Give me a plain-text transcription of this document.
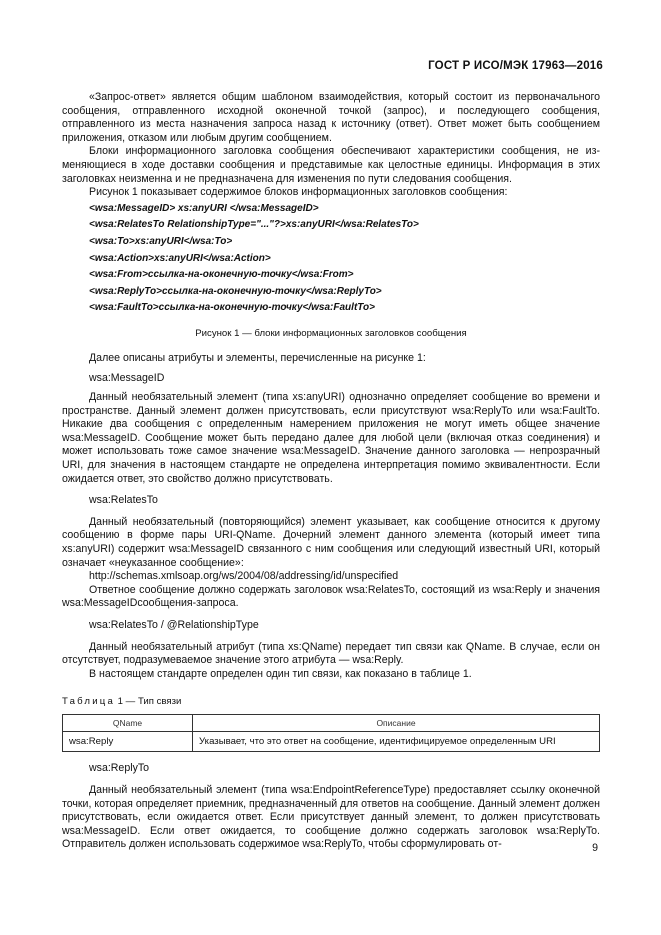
ГОСТ Р ИСО/МЭК 17963—2016

«Запрос-ответ» является общим шаблоном взаимодействия, который состоит из первоначального сообщения, отправленного исходной оконечной точкой (запрос), и последующего сообщения, отправленного из места назначения запроса назад к источнику (ответ). Ответ может быть сообщением приложения, отказом или любым другим сообщением.

Блоки информационного заголовка сообщения обеспечивают характеристики сообщения, не изменяющиеся в ходе доставки сообщения и представимые как целостные единицы. Информация в этих заголовках неизменна и не предназначена для изменения по пути следования сообщения.

Рисунок 1 показывает содержимое блоков информационных заголовков сообщения:

<wsa:MessageID> xs:anyURI </wsa:MessageID>
<wsa:RelatesTo RelationshipType="..."?>xs:anyURI</wsa:RelatesTo>
<wsa:To>xs:anyURI</wsa:To>
<wsa:Action>xs:anyURI</wsa:Action>
<wsa:From>ссылка-на-оконечную-точку</wsa:From>
<wsa:ReplyTo>ссылка-на-оконечную-точку</wsa:ReplyTo>
<wsa:FaultTo>ссылка-на-оконечную-точку</wsa:FaultTo>
Рисунок 1 — блоки информационных заголовков сообщения

Далее описаны атрибуты и элементы, перечисленные на рисунке 1:

wsa:MessageID

Данный необязательный элемент (типа xs:anyURI) однозначно определяет сообщение во времени и пространстве. Данный элемент должен присутствовать, если присутствуют wsa:ReplyTo или wsa:FaultTo. Никакие два сообщения с определенным намерением приложения не могут иметь общее значение wsa:MessageID. Сообщение может быть передано далее для любой цели (включая отказ соединения) и может использовать тоже самое значение wsa:MessageID. Значение данного заголовка — непрозрачный URI, для значения в настоящем стандарте не определена интерпретация помимо эквивалентности. Если ожидается ответ, это свойство должно присутствовать.

wsa:RelatesTo

Данный необязательный (повторяющийся) элемент указывает, как сообщение относится к другому сообщению в форме пары URI-QName. Дочерний элемент данного элемента (который имеет типа xs:anyURI) содержит wsa:MessageID связанного с ним сообщения или следующий известный URI, который означает «неуказанное сообщение»:

http://schemas.xmlsoap.org/ws/2004/08/addressing/id/unspecified

Ответное сообщение должно содержать заголовок wsa:RelatesTo, состоящий из wsa:Reply и значения wsa:MessageIDсообщения-запроса.

wsa:RelatesTo / @RelationshipType

Данный необязательный атрибут (типа xs:QName) передает тип связи как QName. В случае, если он отсутствует, подразумеваемое значение этого атрибута — wsa:Reply.

В настоящем стандарте определен один тип связи, как показано в таблице 1.

Таблица 1 — Тип связи
QName	Описание
wsa:Reply	Указывает, что это ответ на сообщение, идентифицируемое определенным URI

wsa:ReplyTo

Данный необязательный элемент (типа wsa:EndpointReferenceType) предоставляет ссылку оконечной точки, которая определяет приемник, предназначенный для ответов на сообщение. Данный элемент должен присутствовать, если ожидается ответ. Если присутствует данный элемент, то должен присутствовать wsa:MessageID. Если ответ ожидается, то сообщение должно содержать заголовок wsa:ReplyTo. Отправитель должен использовать содержимое wsa:ReplyTo, чтобы сформулировать от-	9
